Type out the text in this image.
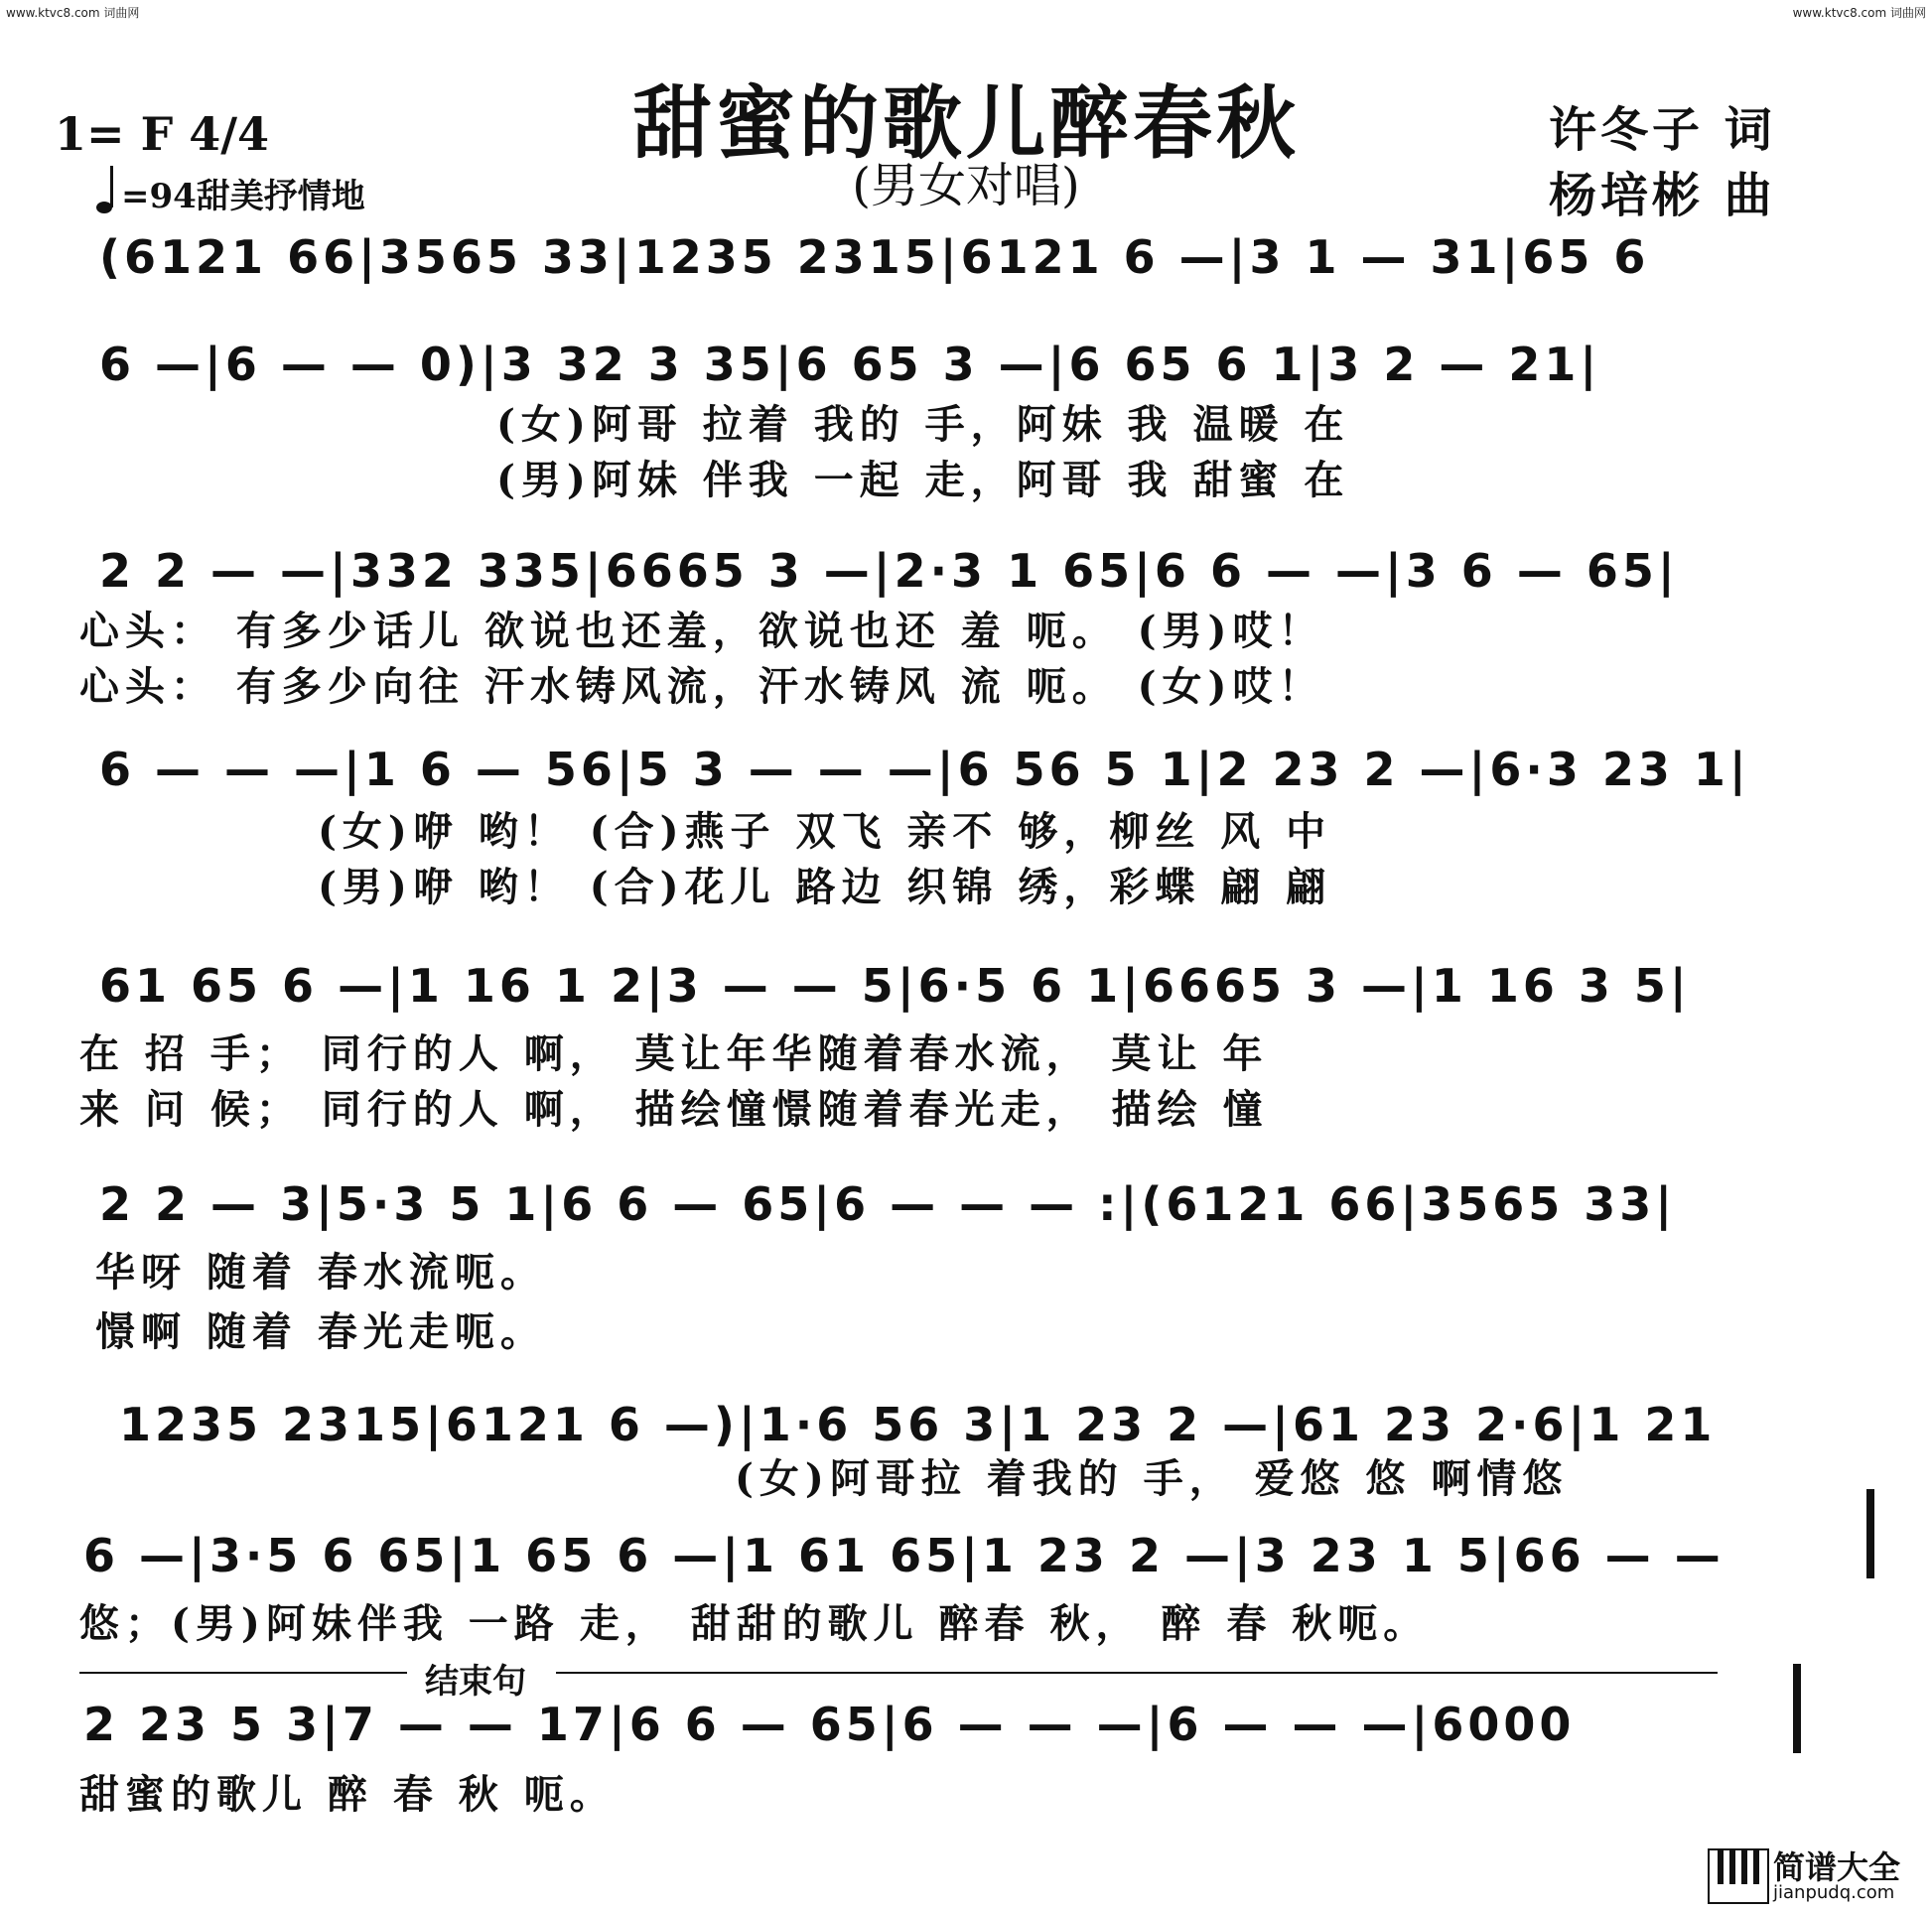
www.ktvc8.com 词曲网	www.ktvc8.com 词曲网
甜蜜的歌儿醉春秋
(男女对唱)
1= F 4/4
=94甜美抒情地
许冬子 词
杨培彬 曲
(6121 66|3565 33|1235 2315|6121 6 —|3 1 — 31|65 6
6 —|6 — — 0)|3 32 3 35|6 65 3 —|6 65 6 1|3 2 — 21|
(女)阿哥 拉着 我的 手，阿妹 我 温暖 在
(男)阿妹 伴我 一起 走，阿哥 我 甜蜜 在
2 2 — —|332 335|6665 3 —|2·3 1 65|6 6 — —|3 6 — 65|
心头： 有多少话儿 欲说也还羞，欲说也还 羞 呃。 (男)哎！
心头： 有多少向往 汗水铸风流，汗水铸风 流 呃。 (女)哎！
6 — — —|1 6 — 56|5 3 — — —|6 56 5 1|2 23 2 —|6·3 23 1|
(女)咿 哟！ (合)燕子 双飞 亲不 够，柳丝 风 中
(男)咿 哟！ (合)花儿 路边 织锦 绣，彩蝶 翩 翩
61 65 6 —|1 16 1 2|3 — — 5|6·5 6 1|6665 3 —|1 16 3 5|
在 招 手； 同行的人 啊， 莫让年华随着春水流， 莫让 年
来 问 候； 同行的人 啊， 描绘憧憬随着春光走， 描绘 憧
2 2 — 3|5·3 5 1|6 6 — 65|6 — — — :|(6121 66|3565 33|
华呀 随着 春水流呃。
憬啊 随着 春光走呃。
1235 2315|6121 6 —)|1·6 56 3|1 23 2 —|61 23 2·6|1 21
(女)阿哥拉 着我的 手， 爱悠 悠 啊情悠
6 —|3·5 6 65|1 65 6 —|1 61 65|1 23 2 —|3 23 1 5|66 — —
悠；(男)阿妹伴我 一路 走， 甜甜的歌儿 醉春 秋， 醉 春 秋呃。
结束句
2 23 5 3|7 — — 17|6 6 — 65|6 — — —|6 — — —|6000
甜蜜的歌儿 醉 春 秋 呃。
简谱大全
jianpudq.com
